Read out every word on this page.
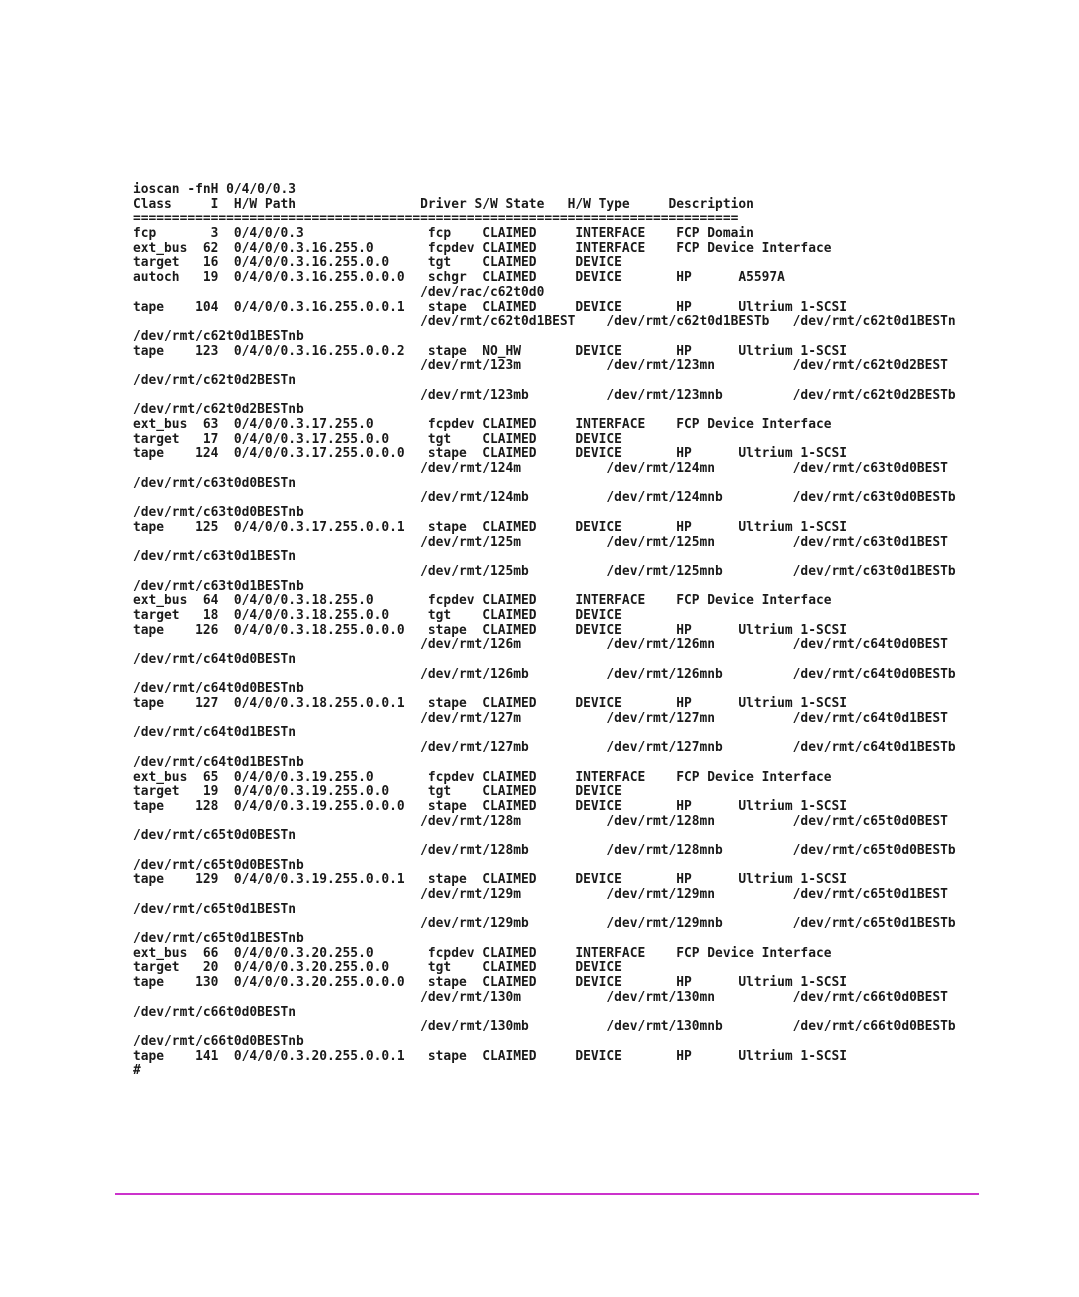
ioscan -fnH 0/4/0/0.3
Class     I  H/W Path                Driver S/W State   H/W Type     Description
==============================================================================
fcp       3  0/4/0/0.3                fcp    CLAIMED     INTERFACE    FCP Domain
ext_bus  62  0/4/0/0.3.16.255.0       fcpdev CLAIMED     INTERFACE    FCP Device Interface
target   16  0/4/0/0.3.16.255.0.0     tgt    CLAIMED     DEVICE
autoch   19  0/4/0/0.3.16.255.0.0.0   schgr  CLAIMED     DEVICE       HP      A5597A
/dev/rac/c62t0d0
tape    104  0/4/0/0.3.16.255.0.0.1   stape  CLAIMED     DEVICE       HP      Ultrium 1-SCSI
/dev/rmt/c62t0d1BEST    /dev/rmt/c62t0d1BESTb   /dev/rmt/c62t0d1BESTn
/dev/rmt/c62t0d1BESTnb
tape    123  0/4/0/0.3.16.255.0.0.2   stape  NO_HW       DEVICE       HP      Ultrium 1-SCSI
/dev/rmt/123m           /dev/rmt/123mn          /dev/rmt/c62t0d2BEST
/dev/rmt/c62t0d2BESTn
/dev/rmt/123mb          /dev/rmt/123mnb         /dev/rmt/c62t0d2BESTb
/dev/rmt/c62t0d2BESTnb
ext_bus  63  0/4/0/0.3.17.255.0       fcpdev CLAIMED     INTERFACE    FCP Device Interface
target   17  0/4/0/0.3.17.255.0.0     tgt    CLAIMED     DEVICE
tape    124  0/4/0/0.3.17.255.0.0.0   stape  CLAIMED     DEVICE       HP      Ultrium 1-SCSI
/dev/rmt/124m           /dev/rmt/124mn          /dev/rmt/c63t0d0BEST
/dev/rmt/c63t0d0BESTn
/dev/rmt/124mb          /dev/rmt/124mnb         /dev/rmt/c63t0d0BESTb
/dev/rmt/c63t0d0BESTnb
tape    125  0/4/0/0.3.17.255.0.0.1   stape  CLAIMED     DEVICE       HP      Ultrium 1-SCSI
/dev/rmt/125m           /dev/rmt/125mn          /dev/rmt/c63t0d1BEST
/dev/rmt/c63t0d1BESTn
/dev/rmt/125mb          /dev/rmt/125mnb         /dev/rmt/c63t0d1BESTb
/dev/rmt/c63t0d1BESTnb
ext_bus  64  0/4/0/0.3.18.255.0       fcpdev CLAIMED     INTERFACE    FCP Device Interface
target   18  0/4/0/0.3.18.255.0.0     tgt    CLAIMED     DEVICE
tape    126  0/4/0/0.3.18.255.0.0.0   stape  CLAIMED     DEVICE       HP      Ultrium 1-SCSI
/dev/rmt/126m           /dev/rmt/126mn          /dev/rmt/c64t0d0BEST
/dev/rmt/c64t0d0BESTn
/dev/rmt/126mb          /dev/rmt/126mnb         /dev/rmt/c64t0d0BESTb
/dev/rmt/c64t0d0BESTnb
tape    127  0/4/0/0.3.18.255.0.0.1   stape  CLAIMED     DEVICE       HP      Ultrium 1-SCSI
/dev/rmt/127m           /dev/rmt/127mn          /dev/rmt/c64t0d1BEST
/dev/rmt/c64t0d1BESTn
/dev/rmt/127mb          /dev/rmt/127mnb         /dev/rmt/c64t0d1BESTb
/dev/rmt/c64t0d1BESTnb
ext_bus  65  0/4/0/0.3.19.255.0       fcpdev CLAIMED     INTERFACE    FCP Device Interface
target   19  0/4/0/0.3.19.255.0.0     tgt    CLAIMED     DEVICE
tape    128  0/4/0/0.3.19.255.0.0.0   stape  CLAIMED     DEVICE       HP      Ultrium 1-SCSI
/dev/rmt/128m           /dev/rmt/128mn          /dev/rmt/c65t0d0BEST
/dev/rmt/c65t0d0BESTn
/dev/rmt/128mb          /dev/rmt/128mnb         /dev/rmt/c65t0d0BESTb
/dev/rmt/c65t0d0BESTnb
tape    129  0/4/0/0.3.19.255.0.0.1   stape  CLAIMED     DEVICE       HP      Ultrium 1-SCSI
/dev/rmt/129m           /dev/rmt/129mn          /dev/rmt/c65t0d1BEST
/dev/rmt/c65t0d1BESTn
/dev/rmt/129mb          /dev/rmt/129mnb         /dev/rmt/c65t0d1BESTb
/dev/rmt/c65t0d1BESTnb
ext_bus  66  0/4/0/0.3.20.255.0       fcpdev CLAIMED     INTERFACE    FCP Device Interface
target   20  0/4/0/0.3.20.255.0.0     tgt    CLAIMED     DEVICE
tape    130  0/4/0/0.3.20.255.0.0.0   stape  CLAIMED     DEVICE       HP      Ultrium 1-SCSI
/dev/rmt/130m           /dev/rmt/130mn          /dev/rmt/c66t0d0BEST
/dev/rmt/c66t0d0BESTn
/dev/rmt/130mb          /dev/rmt/130mnb         /dev/rmt/c66t0d0BESTb
/dev/rmt/c66t0d0BESTnb
tape    141  0/4/0/0.3.20.255.0.0.1   stape  CLAIMED     DEVICE       HP      Ultrium 1-SCSI
#
